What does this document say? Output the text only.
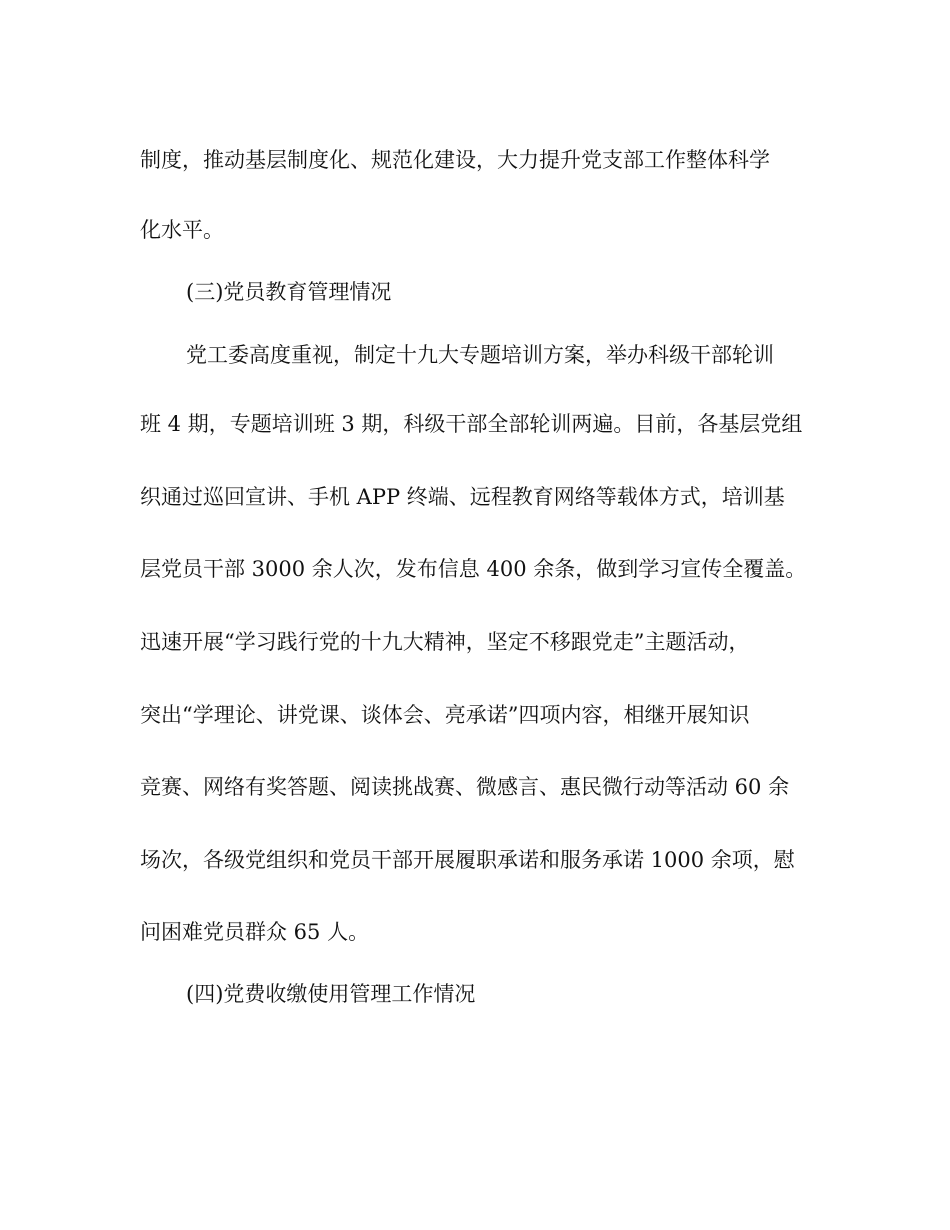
制度，推动基层制度化、规范化建设，大力提升党支部工作整体科学
化水平。
(三)党员教育管理情况
党工委高度重视，制定十九大专题培训方案，举办科级干部轮训
班 4 期，专题培训班 3 期，科级干部全部轮训两遍。目前，各基层党组
织通过巡回宣讲、手机 APP 终端、远程教育网络等载体方式，培训基
层党员干部 3000 余人次，发布信息 400 余条，做到学习宣传全覆盖。
迅速开展“学习践行党的十九大精神，坚定不移跟党走”主题活动，
突出“学理论、讲党课、谈体会、亮承诺”四项内容，相继开展知识
竞赛、网络有奖答题、阅读挑战赛、微感言、惠民微行动等活动 60 余
场次，各级党组织和党员干部开展履职承诺和服务承诺 1000 余项，慰
问困难党员群众 65 人。
(四)党费收缴使用管理工作情况
